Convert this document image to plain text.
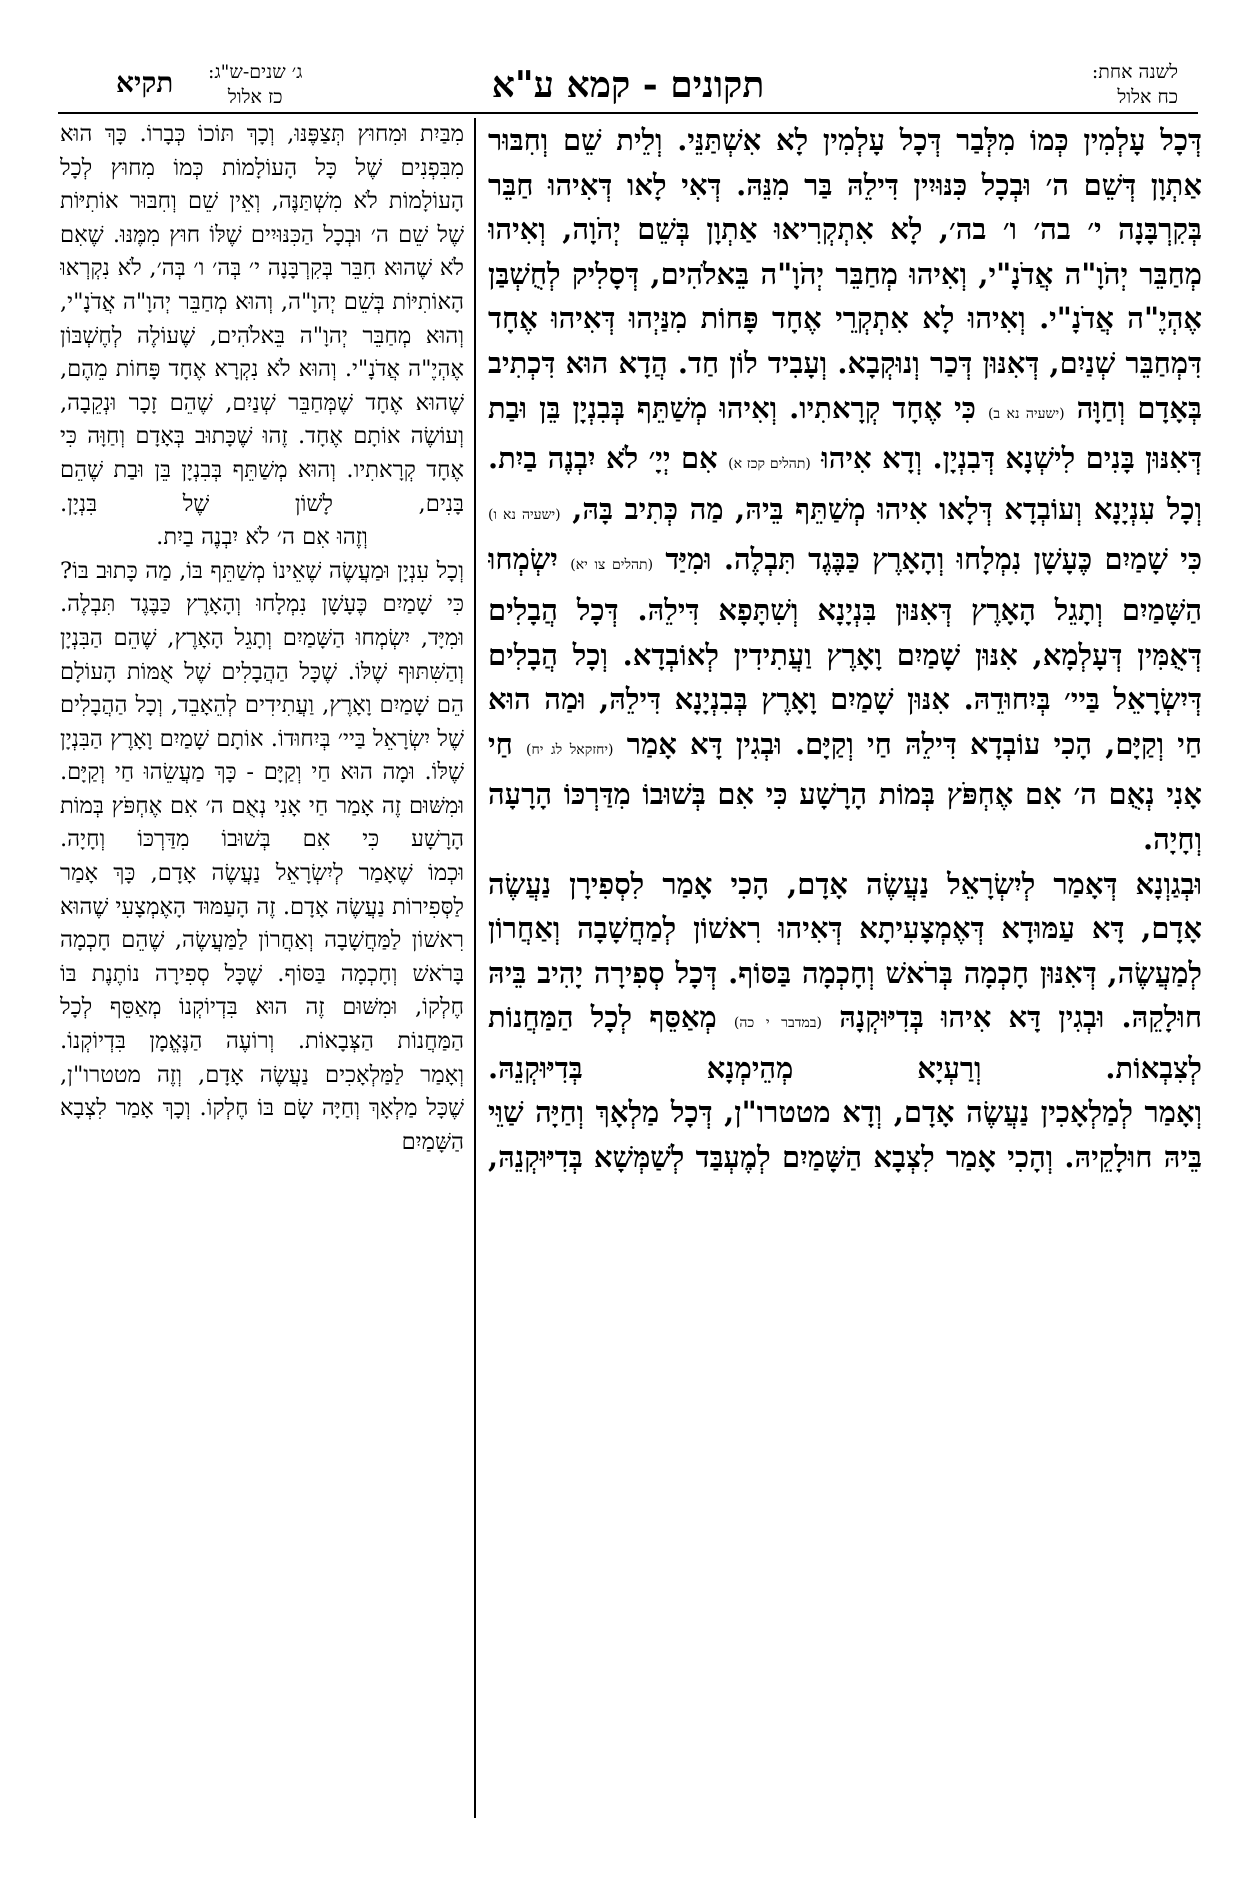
לשנה אחת:
כח אלול
תקונים - קמא ע"א
ג׳ שנים-ש"ג:
כז אלול
תקיא

דְּכָל עָלְמִין כְּמוֹ מִלְּבַר דְּכָל עָלְמִין לָא אִשְׁתַּנֵּי. וְלֵית שֵׁם וְחִבּוּר אַתְוָן דְּשֵׁם ה׳ וּבְכָל כִּנּוּיִין דִּילֵהּ בַּר מִנֵּהּ. דְּאִי לָאו דְּאִיהוּ חַבֵּר בְּקִרְבָּנָה י׳ בה׳ ו׳ בה׳, לָא אִתְקְרִיאוּ אַתְוָן בְּשֵׁם יְהֹוָה, וְאִיהוּ מְחַבֵּר יְהֹוָ"ה אֲדֹנָ"י, וְאִיהוּ מְחַבֵּר יְהֹוָ"ה בֵּאלֹהִים, דְּסָלִיק לְחֻשְׁבַּן אֶהְיֶ"ה אֲדֹנָ"י. וְאִיהוּ לָא אִתְקְרֵי אֶחָד פָּחוֹת מִנַּיְהוּ דְּאִיהוּ אֶחָד דִּמְחַבֵּר שְׁנַיִם, דְּאִנּוּן דְּכַר וְנוּקְבָא. וְעָבִיד לוֹן חַד. הֲדָא הוּא דִּכְתִיב בְּאָדָם וְחַוָּה (ישעיה נא ב) כִּי אֶחָד קְרָאתִיו. וְאִיהוּ מְשַׁתֵּף בְּבִנְיָן בֵּן וּבַת דְּאִנּוּן בָּנִים לִישְׁנָא דְּבִנְיָן. וְדָא אִיהוּ (תהלים קכז א) אִם יְיָ׳ לֹא יִבְנֶה בַיִת.

וְכָל עִנְיָנָא וְעוֹבְדָא דְּלָאו אִיהוּ מְשַׁתֵּף בֵּיהּ, מַה כְּתִיב בָּהּ, (ישעיה נא ו) כִּי שָׁמַיִם כֶּעָשָׁן נִמְלָחוּ וְהָאָרֶץ כַּבֶּגֶד תִּבְלֶה. וּמִיַּד (תהלים צו יא) יִשְׂמְחוּ הַשָּׁמַיִם וְתָגֵל הָאָרֶץ דְּאִנּוּן בִּנְיָנָא וְשִׁתָּפָא דִּילֵהּ. דְּכָל הֲבָלִים דְּאֻמִּין דְּעָלְמָא, אִנּוּן שָׁמַיִם וָאָרֶץ וַעֲתִידִין לְאוֹבְדָא. וְכָל הֲבָלִים דְּיִשְׂרָאֵל בַּיי׳ בְּיִחוּדֵהּ. אִנּוּן שָׁמַיִם וָאָרֶץ בְּבִנְיָנָא דִּילֵהּ, וּמַה הוּא חַי וְקַיָּם, הָכִי עוֹבְדָא דִּילֵהּ חַי וְקַיָּם. וּבְגִין דָּא אָמַר (יחזקאל לג יח) חַי אָנִי נְאֻם ה׳ אִם אֶחְפֹּץ בְּמוֹת הָרָשָׁע כִּי אִם בְּשׁוּבוֹ מִדַּרְכּוֹ הָרָעָה וְחָיָה.

וּבְגַוְנָא דְּאָמַר לְיִשְׂרָאֵל נַעֲשֶׂה אָדָם, הָכִי אָמַר לִסְפִירָן נַעֲשֶׂה אָדָם, דָּא עַמּוּדָא דְּאֶמְצָעִיתָא דְּאִיהוּ רִאשׁוֹן לְמַחֲשָׁבָה וְאַחֲרוֹן לְמַעֲשֶׂה, דְּאִנּוּן חָכְמָה בְּרֹאשׁ וְחָכְמָה בַּסּוֹף. דְּכָל סְפִירָה יָהִיב בֵּיהּ חוּלָקֵהּ. וּבְגִין דָּא אִיהוּ בְּדִיּוּקְנָהּ (במדבר י כה) מְאַסֵּף לְכָל הַמַּחֲנוֹת לְצִבְאוֹת. וְרַעְיָא מְהֵימְנָא בְּדִיּוּקְנֵהּ.

וְאָמַר לְמַלְאָכִין נַעֲשֶׂה אָדָם, וְדָא מטטרו"ן, דְּכָל מַלְאָךְ וְחַיָּה שַׁוֵּי בֵּיהּ חוּלָקֵיהּ. וְהָכִי אָמַר לִצְבָא הַשָּׁמַיִם לְמֶעְבַּד לְשַׁמְּשָׁא בְּדִיּוּקְנֵהּ,

מִבַּיִת וּמִחוּץ תְּצַפֶּנּוּ, וְכָךְ תּוֹכוֹ כְּבָרוֹ. כָּךְ הוּא מִבִּפְנִים שֶׁל כָּל הָעוֹלָמוֹת כְּמוֹ מִחוּץ לְכָל הָעוֹלָמוֹת לֹא מִשְׁתַּנֶּה, וְאֵין שֵׁם וְחִבּוּר אוֹתִיּוֹת שֶׁל שֵׁם ה׳ וּבְכָל הַכִּנּוּיִים שֶׁלּוֹ חוּץ מִמֶּנּוּ. שֶׁאִם לֹא שֶׁהוּא חִבֵּר בְּקִרְבָּנָה י׳ בְּה׳ ו׳ בְּה׳, לֹא נִקְרְאוּ הָאוֹתִיּוֹת בְּשֵׁם יְהוָ"ה, וְהוּא מְחַבֵּר יְהוָ"ה אֲדֹנָ"י, וְהוּא מְחַבֵּר יְהוָ"ה בֵּאלֹהִים, שֶׁעוֹלֶה לְחֶשְׁבּוֹן אֶהְיֶ"ה אֲדֹנָ"י. וְהוּא לֹא נִקְרָא אֶחָד פָּחוֹת מֵהֶם, שֶׁהוּא אֶחָד שֶׁמְּחַבֵּר שְׁנַיִם, שֶׁהֵם זָכָר וּנְקֵבָה, וְעוֹשֶׂה אוֹתָם אֶחָד. זֶהוּ שֶׁכָּתוּב בְּאָדָם וְחַוָּה כִּי אֶחָד קְרָאתִיו. וְהוּא מְשַׁתֵּף בְּבִנְיָן בֵּן וּבַת שֶׁהֵם בָּנִים, לָשׁוֹן שֶׁל בִּנְיָן.

וְזֶהוּ אִם ה׳ לֹא יִבְנֶה בַיִת.

וְכָל עִנְיָן וּמַעֲשֶׂה שֶׁאֵינוֹ מְשַׁתֵּף בּוֹ, מַה כָּתוּב בּוֹ? כִּי שָׁמַיִם כֶּעָשָׁן נִמְלָחוּ וְהָאָרֶץ כַּבֶּגֶד תִּבְלֶה. וּמִיָּד, יִשְׂמְחוּ הַשָּׁמַיִם וְתָגֵל הָאָרֶץ, שֶׁהֵם הַבִּנְיָן וְהַשִּׁתּוּף שֶׁלּוֹ. שֶׁכָּל הַהֲבָלִים שֶׁל אֻמּוֹת הָעוֹלָם הֵם שָׁמַיִם וָאָרֶץ, וַעֲתִידִים לְהֵאָבֵד, וְכָל הַהֲבָלִים שֶׁל יִשְׂרָאֵל בַּיי׳ בְּיִחוּדוֹ. אוֹתָם שָׁמַיִם וָאָרֶץ הַבִּנְיָן שֶׁלּוֹ. וּמָה הוּא חַי וְקַיָּם - כָּךְ מַעֲשֵׂהוּ חַי וְקַיָּם. וּמִשּׁוּם זֶה אָמַר חַי אָנִי נְאֻם ה׳ אִם אֶחְפֹּץ בְּמוֹת הָרָשָׁע כִּי אִם בְּשׁוּבוֹ מִדַּרְכּוֹ וְחָיָה.

וּכְמוֹ שֶׁאָמַר לְיִשְׂרָאֵל נַעֲשֶׂה אָדָם, כָּךְ אָמַר לַסְּפִירוֹת נַעֲשֶׂה אָדָם. זֶה הָעַמּוּד הָאֶמְצָעִי שֶׁהוּא רִאשׁוֹן לַמַּחֲשָׁבָה וְאַחֲרוֹן לַמַּעֲשֶׂה, שֶׁהֵם חָכְמָה בָּרֹאשׁ וְחָכְמָה בַּסּוֹף. שֶׁכָּל סְפִירָה נוֹתֶנֶת בּוֹ חֶלְקוֹ, וּמִשּׁוּם זֶה הוּא בִּדְיוֹקְנוֹ מְאַסֵּף לְכָל הַמַּחֲנוֹת הַצְּבָאוֹת. וְרוֹעֶה הַנֶּאֱמָן בִּדְיוֹקְנוֹ.

וְאָמַר לַמַּלְאָכִים נַעֲשֶׂה אָדָם, וְזֶה מטטרו"ן, שֶׁכָּל מַלְאָךְ וְחַיָּה שָׂם בּוֹ חֶלְקוֹ. וְכָךְ אָמַר לִצְבָא הַשָּׁמַיִם
